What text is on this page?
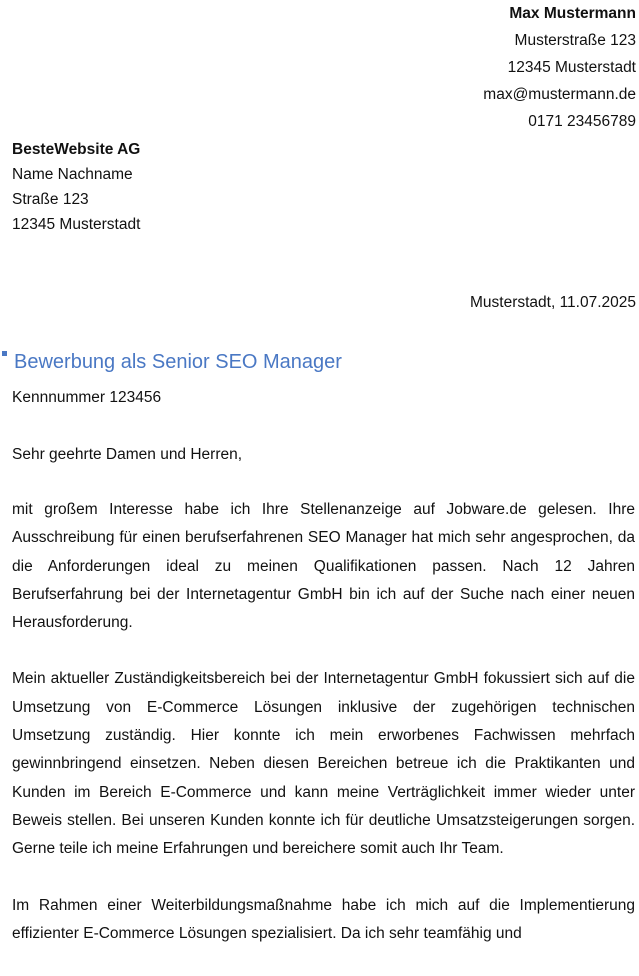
Max Mustermann
Musterstraße 123
12345 Musterstadt
max@mustermann.de
0171 23456789
BesteWebsite AG
Name Nachname
Straße 123
12345 Musterstadt
Musterstadt, 11.07.2025
Bewerbung als Senior SEO Manager
Kennnummer 123456
Sehr geehrte Damen und Herren,

mit großem Interesse habe ich Ihre Stellenanzeige auf Jobware.de gelesen. Ihre Ausschreibung für einen berufserfahrenen SEO Manager hat mich sehr angesprochen, da die Anforderungen ideal zu meinen Qualifikationen passen. Nach 12 Jahren Berufserfahrung bei der Internetagentur GmbH bin ich auf der Suche nach einer neuen Herausforderung.

Mein aktueller Zuständigkeitsbereich bei der Internetagentur GmbH fokussiert sich auf die Umsetzung von E-Commerce Lösungen inklusive der zugehörigen technischen Umsetzung zuständig. Hier konnte ich mein erworbenes Fachwissen mehrfach gewinnbringend einsetzen. Neben diesen Bereichen betreue ich die Praktikanten und Kunden im Bereich E-Commerce und kann meine Verträglichkeit immer wieder unter Beweis stellen. Bei unseren Kunden konnte ich für deutliche Umsatzsteigerungen sorgen. Gerne teile ich meine Erfahrungen und bereichere somit auch Ihr Team.

Im Rahmen einer Weiterbildungsmaßnahme habe ich mich auf die Implementierung effizienter E-Commerce Lösungen spezialisiert. Da ich sehr teamfähig und
